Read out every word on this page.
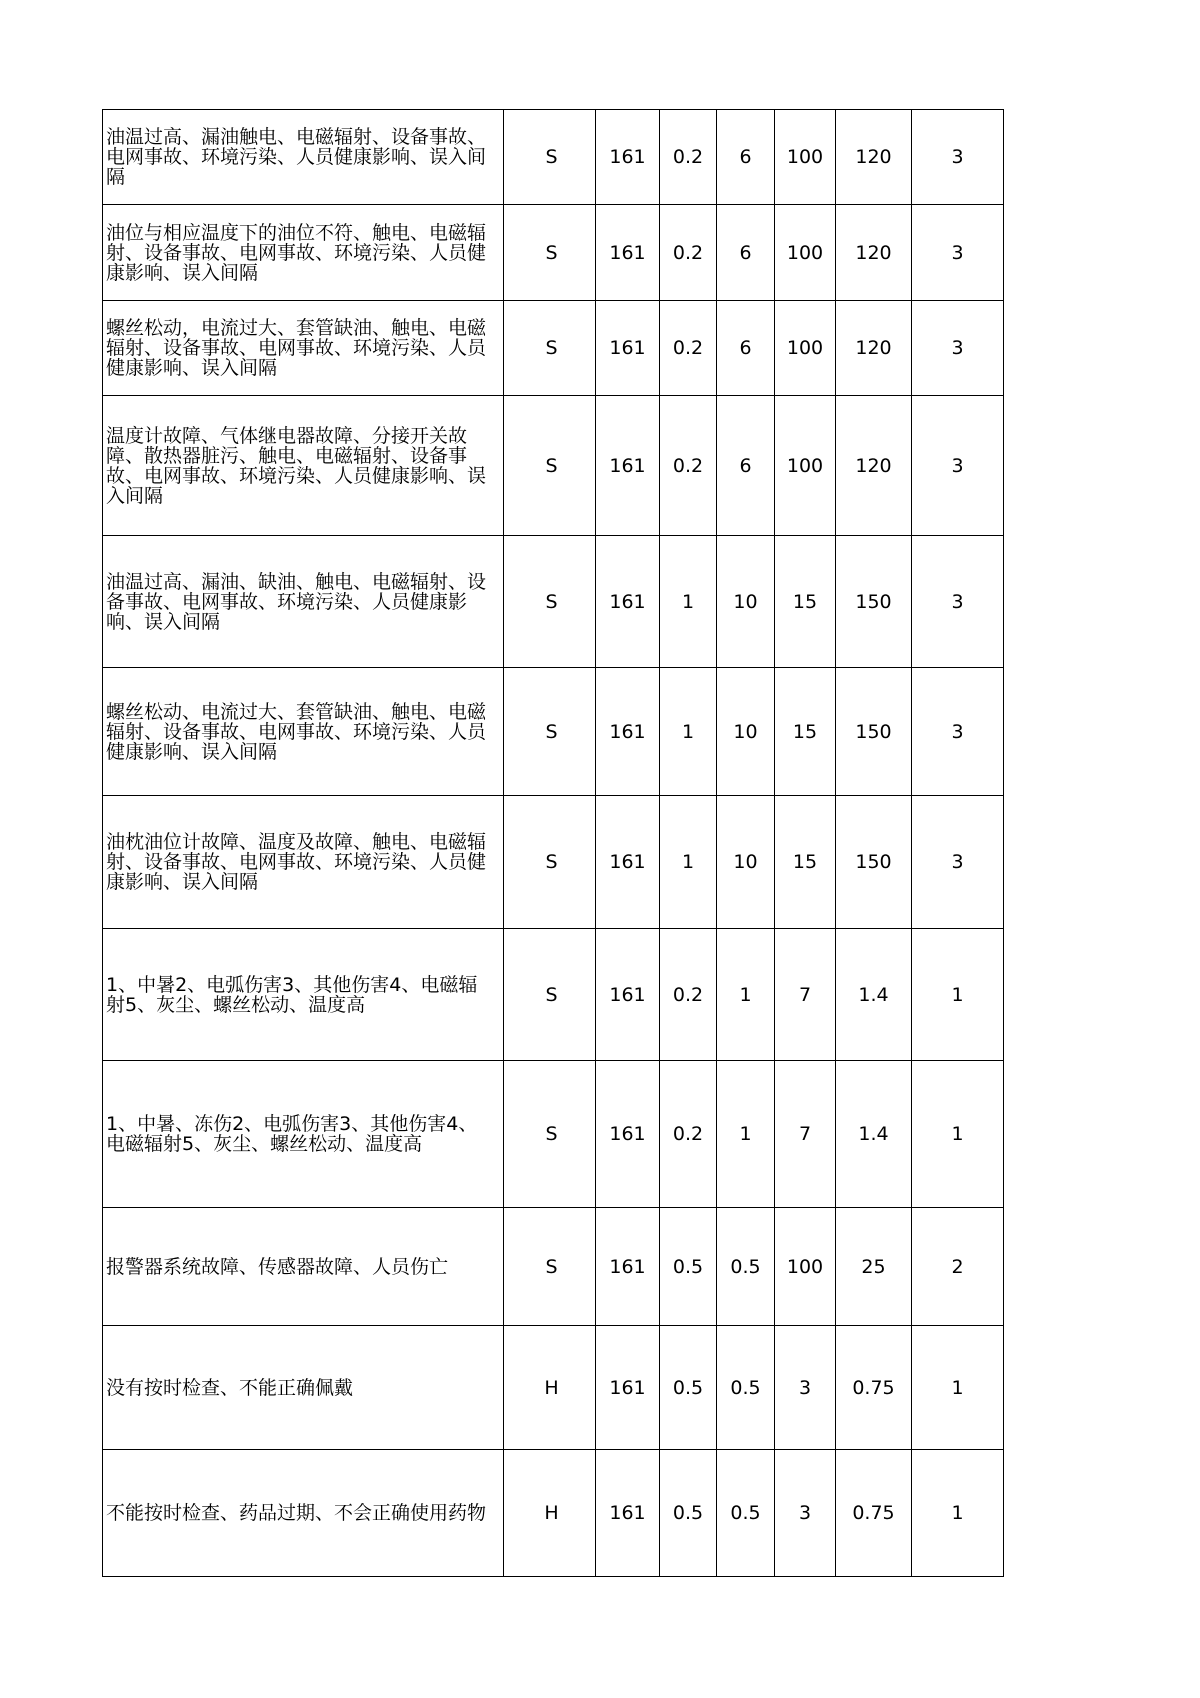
油温过高、漏油触电、电磁辐射、设备事故、电网事故、环境污染、人员健康影响、误入间隔	S	161	0.2	6	100	120	3
油位与相应温度下的油位不符、触电、电磁辐射、设备事故、电网事故、环境污染、人员健康影响、误入间隔	S	161	0.2	6	100	120	3
螺丝松动，电流过大、套管缺油、触电、电磁辐射、设备事故、电网事故、环境污染、人员健康影响、误入间隔	S	161	0.2	6	100	120	3
温度计故障、气体继电器故障、分接开关故障、散热器脏污、触电、电磁辐射、设备事故、电网事故、环境污染、人员健康影响、误入间隔	S	161	0.2	6	100	120	3
油温过高、漏油、缺油、触电、电磁辐射、设备事故、电网事故、环境污染、人员健康影响、误入间隔	S	161	1	10	15	150	3
螺丝松动、电流过大、套管缺油、触电、电磁辐射、设备事故、电网事故、环境污染、人员健康影响、误入间隔	S	161	1	10	15	150	3
油枕油位计故障、温度及故障、触电、电磁辐射、设备事故、电网事故、环境污染、人员健康影响、误入间隔	S	161	1	10	15	150	3
1、中暑2、电弧伤害3、其他伤害4、电磁辐射5、灰尘、螺丝松动、温度高	S	161	0.2	1	7	1.4	1
1、中暑、冻伤2、电弧伤害3、其他伤害4、电磁辐射5、灰尘、螺丝松动、温度高	S	161	0.2	1	7	1.4	1
报警器系统故障、传感器故障、人员伤亡	S	161	0.5	0.5	100	25	2
没有按时检查、不能正确佩戴	H	161	0.5	0.5	3	0.75	1
不能按时检查、药品过期、不会正确使用药物	H	161	0.5	0.5	3	0.75	1
